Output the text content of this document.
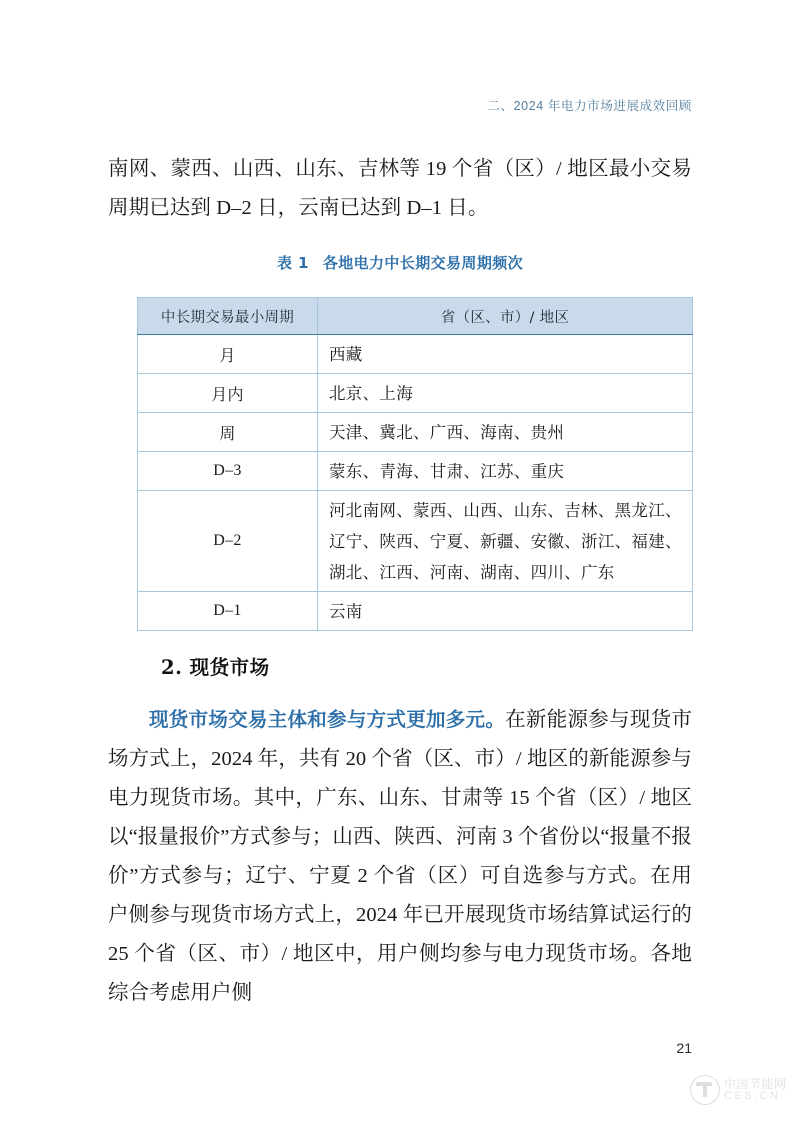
二、2024 年电力市场进展成效回顾

南网、蒙西、山西、山东、吉林等 19 个省（区）/ 地区最小交易周期已达到 D–2 日，云南已达到 D–1 日。

表 1 各地电力中长期交易周期频次
中长期交易最小周期	省（区、市）/ 地区
月	西藏

月内	北京、上海

周	天津、冀北、广西、海南、贵州

D–3	蒙东、青海、甘肃、江苏、重庆

D–2	河北南网、蒙西、山西、山东、吉林、黑龙江、
辽宁、陕西、宁夏、新疆、安徽、浙江、福建、
湖北、江西、河南、湖南、四川、广东

D–1	云南
2. 现货市场

现货市场交易主体和参与方式更加多元。在新能源参与现货市场方式上，2024 年，共有 20 个省（区、市）/ 地区的新能源参与电力现货市场。其中，广东、山东、甘肃等 15 个省（区）/ 地区以“报量报价”方式参与；山西、陕西、河南 3 个省份以“报量不报价”方式参与；辽宁、宁夏 2 个省（区）可自选参与方式。在用户侧参与现货市场方式上，2024 年已开展现货市场结算试运行的 25 个省（区、市）/ 地区中，用户侧均参与电力现货市场。各地综合考虑用户侧

21
中国节能网
CES.CN
